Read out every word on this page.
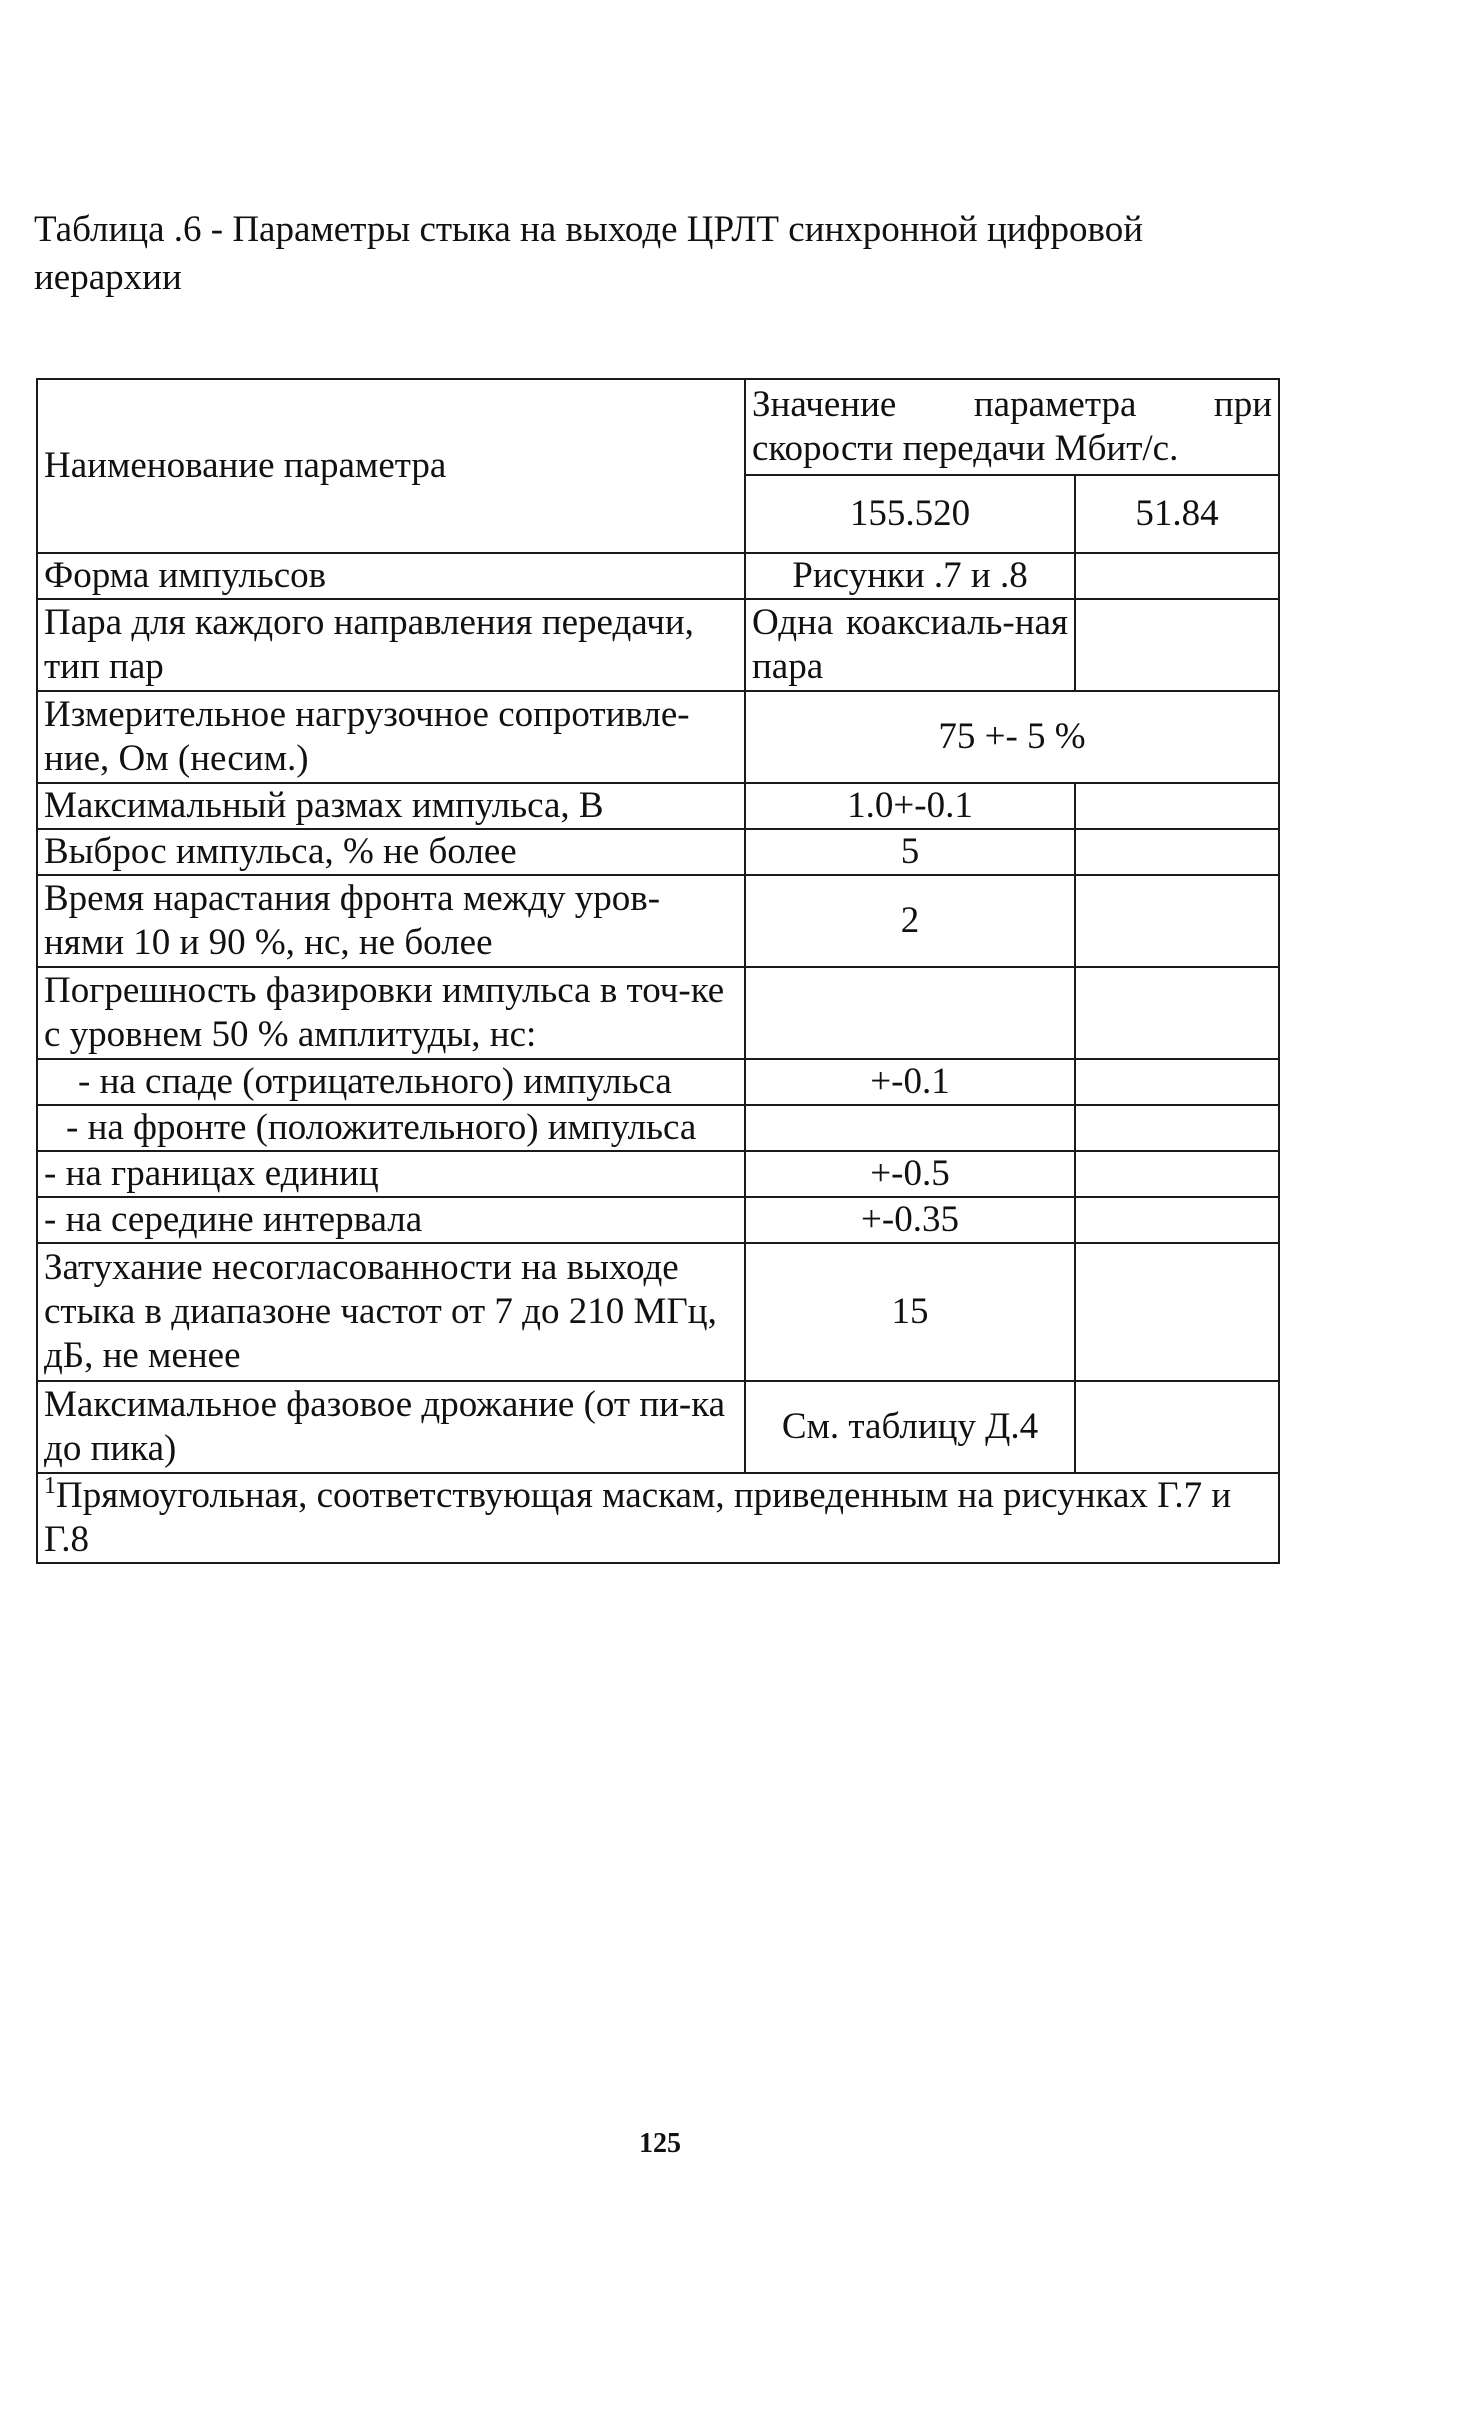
Таблица .6 - Параметры стыка на выходе ЦРЛТ синхронной цифровой иерархии
Наименование параметра	Значение параметра при скорости передачи Мбит/с.	
	155.520	51.84
Форма импульсов	Рисунки .7 и .8	
Пара для каждого направления передачи, тип пар	Одна коаксиаль-ная пара	
Измерительное нагрузочное сопротивле-ние, Ом (несим.)	75 +- 5 %	
Максимальный размах импульса, В	1.0+-0.1	
Выброс импульса, % не более	5	
Время нарастания фронта между уров-нями 10 и 90 %, нс, не более	2	
Погрешность фазировки импульса в точ-ке с уровнем 50 % амплитуды, нс:		
- на спаде (отрицательного) импульса	+-0.1	
- на фронте (положительного) импульса		
- на границах единиц	+-0.5	
- на середине интервала	+-0.35	
Затухание несогласованности на выходе стыка в диапазоне частот от 7 до 210 МГц, дБ, не менее	15	
Максимальное фазовое дрожание (от пи-ка до пика)	См. таблицу Д.4	
$^1$Прямоугольная, соответствующая маскам, приведенным на рисунках Г.7 и Г.8		
125
